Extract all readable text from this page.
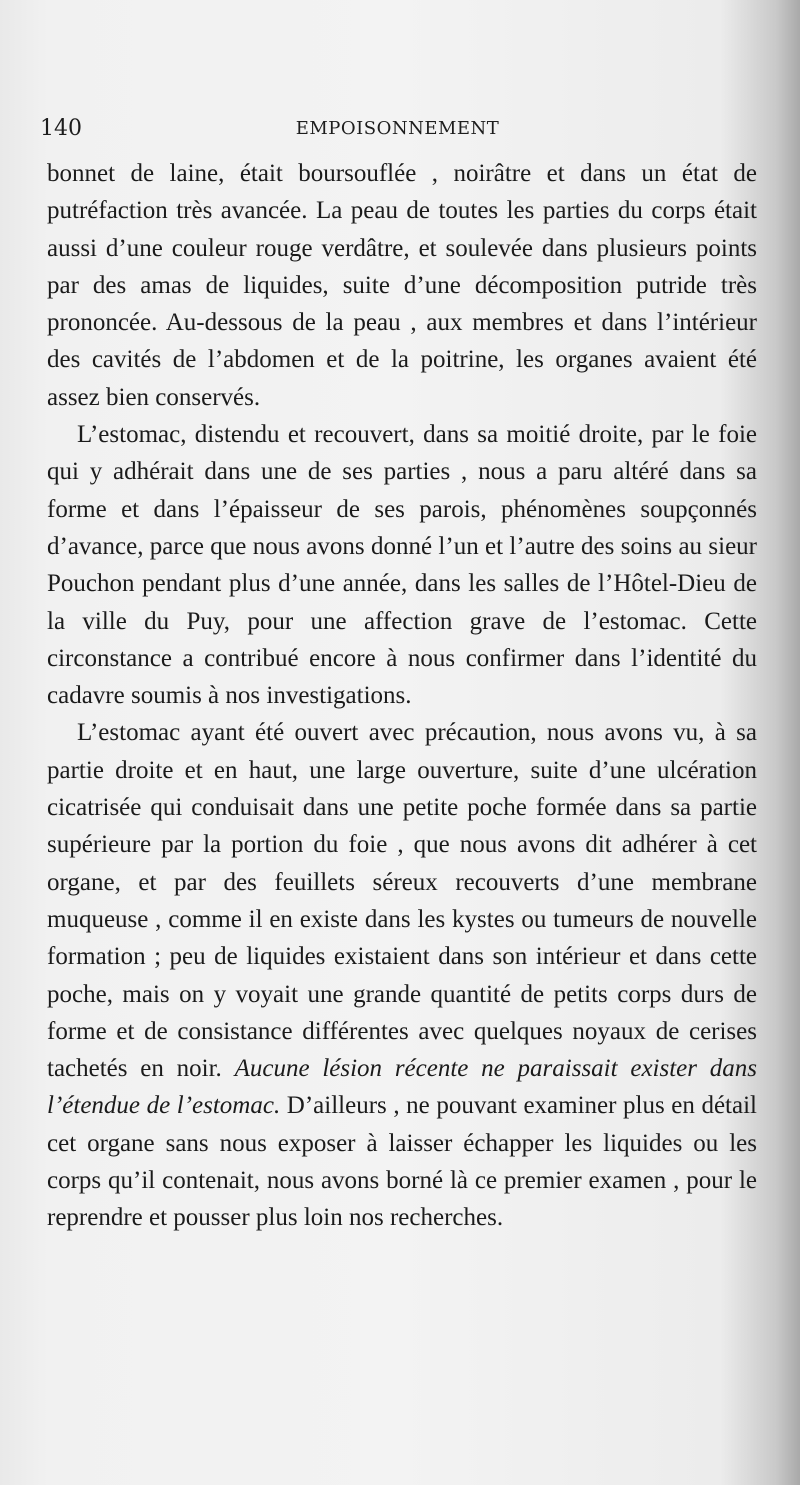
140	EMPOISONNEMENT

bonnet de laine, était boursouflée , noirâtre et dans un état de putréfaction très avancée. La peau de toutes les parties du corps était aussi d’une couleur rouge verdâtre, et soulevée dans plusieurs points par des amas de liquides, suite d’une décomposition putride très prononcée. Au-dessous de la peau , aux membres et dans l’intérieur des cavités de l’abdomen et de la poitrine, les organes avaient été assez bien conservés.

L’estomac, distendu et recouvert, dans sa moitié droite, par le foie qui y adhérait dans une de ses parties , nous a paru altéré dans sa forme et dans l’épaisseur de ses parois, phénomènes soupçonnés d’avance, parce que nous avons donné l’un et l’autre des soins au sieur Pouchon pendant plus d’une année, dans les salles de l’Hôtel-Dieu de la ville du Puy, pour une affection grave de l’estomac. Cette circonstance a contribué encore à nous confirmer dans l’identité du cadavre soumis à nos investigations.

L’estomac ayant été ouvert avec précaution, nous avons vu, à sa partie droite et en haut, une large ouverture, suite d’une ulcération cicatrisée qui conduisait dans une petite poche formée dans sa partie supérieure par la portion du foie , que nous avons dit adhérer à cet organe, et par des feuillets séreux recouverts d’une membrane muqueuse , comme il en existe dans les kystes ou tumeurs de nouvelle formation ; peu de liquides existaient dans son intérieur et dans cette poche, mais on y voyait une grande quantité de petits corps durs de forme et de consistance différentes avec quelques noyaux de cerises tachetés en noir. Aucune lésion récente ne paraissait exister dans l’étendue de l’estomac. D’ailleurs , ne pouvant examiner plus en détail cet organe sans nous exposer à laisser échapper les liquides ou les corps qu’il contenait, nous avons borné là ce premier examen , pour le reprendre et pousser plus loin nos recherches.
